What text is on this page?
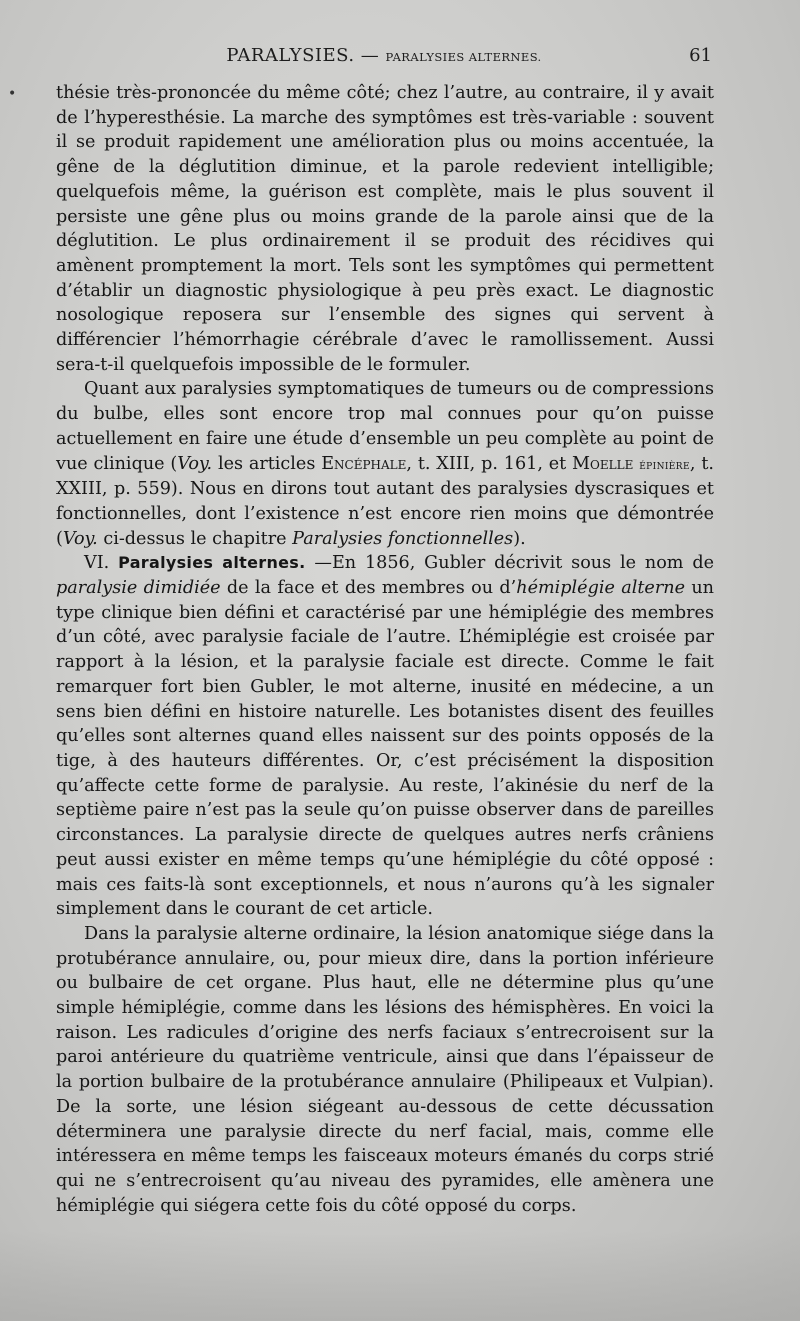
PARALYSIES. — PARALYSIES ALTERNES.	61
• thésie très-prononcée du même côté; chez l’autre, au contraire, il y avait de l’hyperesthésie. La marche des symptômes est très-variable : souvent il se produit rapidement une amélioration plus ou moins accentuée, la gêne de la déglutition diminue, et la parole redevient intelligible; quelquefois même, la guérison est complète, mais le plus souvent il persiste une gêne plus ou moins grande de la parole ainsi que de la déglutition. Le plus ordinairement il se produit des récidives qui amènent promptement la mort. Tels sont les symptômes qui permettent d’établir un diagnostic physiologique à peu près exact. Le diagnostic nosologique reposera sur l’ensemble des signes qui servent à différencier l’hémorrhagie cérébrale d’avec le ramollissement. Aussi sera-t-il quelquefois impossible de le formuler.

Quant aux paralysies symptomatiques de tumeurs ou de compressions du bulbe, elles sont encore trop mal connues pour qu’on puisse actuellement en faire une étude d’ensemble un peu complète au point de vue clinique (Voy. les articles Encéphale, t. XIII, p. 161, et Moelle épinière, t. XXIII, p. 559). Nous en dirons tout autant des paralysies dyscrasiques et fonctionnelles, dont l’existence n’est encore rien moins que démontrée (Voy. ci-dessus le chapitre Paralysies fonctionnelles).

VI. Paralysies alternes. —En 1856, Gubler décrivit sous le nom de paralysie dimidiée de la face et des membres ou d’hémiplégie alterne un type clinique bien défini et caractérisé par une hémiplégie des membres d’un côté, avec paralysie faciale de l’autre. L’hémiplégie est croisée par rapport à la lésion, et la paralysie faciale est directe. Comme le fait remarquer fort bien Gubler, le mot alterne, inusité en médecine, a un sens bien défini en histoire naturelle. Les botanistes disent des feuilles qu’elles sont alternes quand elles naissent sur des points opposés de la tige, à des hauteurs différentes. Or, c’est précisément la disposition qu’affecte cette forme de paralysie. Au reste, l’akinésie du nerf de la septième paire n’est pas la seule qu’on puisse observer dans de pareilles circonstances. La paralysie directe de quelques autres nerfs crâniens peut aussi exister en même temps qu’une hémiplégie du côté opposé : mais ces faits-là sont exceptionnels, et nous n’aurons qu’à les signaler simplement dans le courant de cet article.

Dans la paralysie alterne ordinaire, la lésion anatomique siége dans la protubérance annulaire, ou, pour mieux dire, dans la portion inférieure ou bulbaire de cet organe. Plus haut, elle ne détermine plus qu’une simple hémiplégie, comme dans les lésions des hémisphères. En voici la raison. Les radicules d’origine des nerfs faciaux s’entrecroisent sur la paroi antérieure du quatrième ventricule, ainsi que dans l’épaisseur de la portion bulbaire de la protubérance annulaire (Philipeaux et Vulpian). De la sorte, une lésion siégeant au-dessous de cette décussation déterminera une paralysie directe du nerf facial, mais, comme elle intéressera en même temps les faisceaux moteurs émanés du corps strié qui ne s’entrecroisent qu’au niveau des pyramides, elle amènera une hémiplégie qui siégera cette fois du côté opposé du corps.
